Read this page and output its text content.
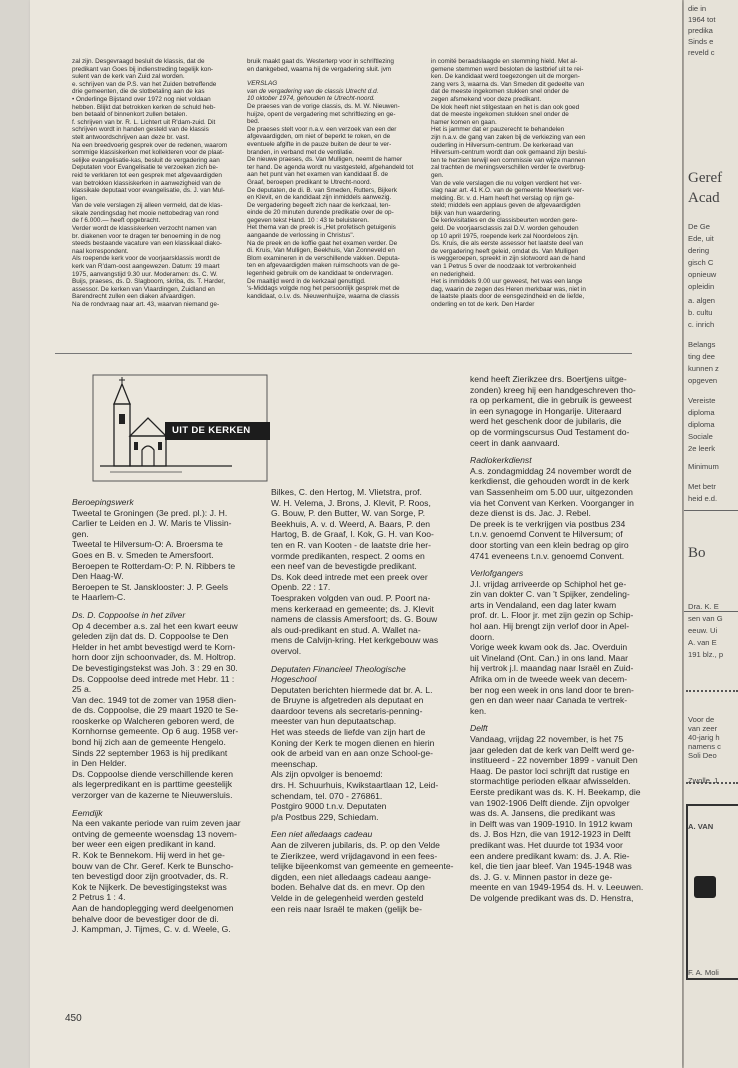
zal zijn. Desgevraagd besluit de klassis, dat de
predikant van Goes bij indienstreding tegelijk kon-
sulent van de kerk van Zuid zal worden.

e. schrijven van de P.S. van het Zuiden betreffende
drie gemeenten, die de slotbetaling aan de kas
• Onderlinge Bijstand over 1972 nog niet voldaan
hebben. Blijkt dat betrokken kerken de schuld heb-
ben betaald of binnenkort zullen betalen.

f. schrijven van br. R. L. Lichtert uit R'dam-zuid. Dit
schrijven wordt in handen gesteld van de klassis
stelt antwoordschrijven aan deze br. vast.

Na een breedvoerig gesprek over de redenen, waarom
sommige klassiskerken met kollekteren voor de plaat-
selijke evangelisatie-kas, besluit de vergadering aan
Deputaten voor Evangelisatie te verzoeken zich be-
reid te verklaren tot een gesprek met afgevaardigden
van betrokken klassiskerken in aanwezigheid van de
klassikale deputaat voor evangelisatie, ds. J. van Mul-
ligen.

Van de vele verslagen zij alleen vermeld, dat de klas-
sikale zendingsdag het mooie nettobedrag van rond
de f 6.000.— heeft opgebracht.

Verder wordt de klassiskerken verzocht namen van
br. diakenen voor te dragen ter benoeming in de nog
steeds bestaande vacature van een klassikaal diako-
naal korrespondent.

Als roepende kerk voor de voorjaarsklassis wordt de
kerk van R'dam-oost aangewezen. Datum: 19 maart
1975, aanvangstijd 9.30 uur. Moderamen: ds. C. W.
Buijs, praeses, ds. D. Slagboom, skriba, ds. T. Harder,
assessor. De kerken van Vlaardingen, Zuidland en
Barendrecht zullen een diaken afvaardigen.

Na de rondvraag naar art. 43, waarvan niemand ge-

bruik maakt gaat ds. Westerterp voor in schriftlezing
en dankgebed, waarna hij de vergadering sluit. jvm

VERSLAG

van de vergadering van de classis Utrecht d.d.
10 oktober 1974, gehouden te Utrecht-noord.

De praeses van de vorige classis, ds. M. W. Nieuwen-
huijze, opent de vergadering met schriftlezing en ge-
bed.

De praeses stelt voor n.a.v. een verzoek van een der
afgevaardigden, om niet of beperkt te roken, en de
eventuele afgifte in de pauze buiten de deur te ver-
branden, in verband met de ventilatie.

De nieuwe praeses, ds. Van Mulligen, neemt de hamer
ter hand. De agenda wordt nu vastgesteld, afgehandeld tot
aan het punt van het examen van kandidaat B. de
Graaf, beroepen predikant te Utrecht-noord.

De deputaten, de di. B. van Smeden, Rutters, Bijkerk
en Klevit, en de kandidaat zijn inmiddels aanwezig.
De vergadering begeeft zich naar de kerkzaal, ten-
einde de 20 minuten durende predikatie over de op-
gegeven tekst Hand. 10 : 43 te beluisteren.

Het thema van de preek is „Het profetisch getuigenis
aangaande de verlossing in Christus".

Na de preek en de koffie gaat het examen verder. De
di. Kruis, Van Mulligen, Beekhuis, Van Zonneveld en
Blom examineren in de verschillende vakken. Deputa-
ten en afgevaardigden maken ruimschoots van de ge-
legenheid gebruik om de kandidaat te ondervragen.

De maaltijd werd in de kerkzaal genuttigd.
's-Middags volgde nog het persoonlijk gesprek met de
kandidaat, o.l.v. ds. Nieuwenhuijze, waarna de classis

in comité beraadslaagde en stemming hield. Met al-
gemene stemmen werd besloten de lastbrief uit te rei-
ken. De kandidaat werd toegezongen uit de morgen-
zang vers 3, waarna ds. Van Smeden dit gedeelte van
dat de meeste ingekomen stukken snel onder de
zegen afsmekend voor deze predikant.

De klok heeft niet stilgestaan en het is dan ook goed
dat de meeste ingekomen stukken snel onder de
hamer komen en gaan.

Het is jammer dat er pauzerecht te behandelen
zijn n.a.v. de gang van zaken bij de verkiezing van een
ouderling in Hilversum-centrum. De kerkeraad van
Hilversum-centrum wordt dan ook gemaand zijn beslui-
ten te herzien terwijl een commissie van wijze mannen
zal trachten de meningsverschillen verder te overbrug-
gen.

Van de vele verslagen die nu volgen verdient het ver-
slag naar art. 41 K.O. van de gemeente Meerkerk ver-
melding. Br. v. d. Ham heeft het verslag op rijm ge-
steld; middels een applaus geven de afgevaardigden
blijk van hun waardering.

De kerkvisitaties en de classisbeurten worden gere-
geld. De voorjaarsclassis zal D.V. worden gehouden
op 10 april 1975, roepende kerk zal Noordeloos zijn.
Ds. Kruis, die als eerste assessor het laatste deel van
de vergadering heeft geleid, omdat ds. Van Mulligen
is weggeroepen, spreekt in zijn slotwoord aan de hand
van 1 Petrus 5 over de noodzaak tot verbrokenheid
en nederigheid.

Het is inmiddels 9.00 uur geweest, het was een lange
dag, waarin de zegen des Heren merkbaar was, niet in
de laatste plaats door de eensgezindheid en de liefde,
onderling en tot de kerk. Den Harder

UIT DE KERKEN

Beroepingswerk

Tweetal te Groningen (3e pred. pl.): J. H.
Carlier te Leiden en J. W. Maris te Vlissin-
gen.

Tweetal te Hilversum-O: A. Broersma te
Goes en B. v. Smeden te Amersfoort.

Beroepen te Rotterdam-O: P. N. Ribbers te
Den Haag-W.

Beroepen te St. Jansklooster: J. P. Geels
te Haarlem-C.

Ds. D. Coppoolse in het zilver

Op 4 december a.s. zal het een kwart eeuw
geleden zijn dat ds. D. Coppoolse te Den
Helder in het ambt bevestigd werd te Korn-
horn door zijn schoonvader, ds. M. Holtrop.
De bevestigingstekst was Joh. 3 : 29 en 30.
Ds. Coppoolse deed intrede met Hebr. 11 :
25 a.

Van dec. 1949 tot de zomer van 1958 dien-
de ds. Coppoolse, die 29 maart 1920 te Se-
rooskerke op Walcheren geboren werd, de
Kornhornse gemeente. Op 6 aug. 1958 ver-
bond hij zich aan de gemeente Hengelo.
Sinds 22 september 1963 is hij predikant
in Den Helder.

Ds. Coppoolse diende verschillende keren
als legerpredikant en is parttime geestelijk
verzorger van de kazerne te Nieuwersluis.

Eemdijk

Na een vakante periode van ruim zeven jaar
ontving de gemeente woensdag 13 novem-
ber weer een eigen predikant in kand.
R. Kok te Bennekom. Hij werd in het ge-
bouw van de Chr. Geref. Kerk te Bunscho-
ten bevestigd door zijn grootvader, ds. R.
Kok te Nijkerk. De bevestigingstekst was
2 Petrus 1 : 4.

Aan de handoplegging werd deelgenomen
behalve door de bevestiger door de di.
J. Kampman, J. Tijmes, C. v. d. Weele, G.

Bilkes, C. den Hertog, M. Vlietstra, prof.
W. H. Velema, J. Brons, J. Klevit, P. Roos,
G. Bouw, P. den Butter, W. van Sorge, P.
Beekhuis, A. v. d. Weerd, A. Baars, P. den
Hartog, B. de Graaf, I. Kok, G. H. van Koo-
ten en R. van Kooten - de laatste drie her-
vormde predikanten, respect. 2 ooms en
een neef van de bevestigde predikant.

Ds. Kok deed intrede met een preek over
Openb. 22 : 17.

Toespraken volgden van oud. P. Poort na-
mens kerkeraad en gemeente; ds. J. Klevit
namens de classis Amersfoort; ds. G. Bouw
als oud-predikant en stud. A. Wallet na-
mens de Calvijn-kring. Het kerkgebouw was
overvol.

Deputaten Financieel Theologische
Hogeschool

Deputaten berichten hiermede dat br. A. L.
de Bruyne is afgetreden als deputaat en
daardoor tevens als secretaris-penning-
meester van hun deputaatschap.

Het was steeds de liefde van zijn hart de
Koning der Kerk te mogen dienen en hierin
ook de arbeid van en aan onze School-ge-
meenschap.

Als zijn opvolger is benoemd:
drs. H. Schuurhuis, Kwikstaartlaan 12, Leid-
schendam, tel. 070 - 276861.
Postgiro 9000 t.n.v. Deputaten
p/a Postbus 229, Schiedam.

Een niet alledaags cadeau

Aan de zilveren jubilaris, ds. P. op den Velde
te Zierikzee, werd vrijdagavond in een fees-
telijke bijeenkomst van gemeente en gemeente-
digden, een niet alledaags cadeau aange-
boden. Behalve dat ds. en mevr. Op den
Velde in de gelegenheid werden gesteld
een reis naar Israël te maken (gelijk be-

kend heeft Zierikzee drs. Boertjens uitge-
zonden) kreeg hij een handgeschreven tho-
ra op perkament, die in gebruik is geweest
in een synagoge in Hongarije. Uiteraard
werd het geschenk door de jubilaris, die
op de vormingscursus Oud Testament do-
ceert in dank aanvaard.

Radiokerkdienst

A.s. zondagmiddag 24 november wordt de
kerkdienst, die gehouden wordt in de kerk
van Sassenheim om 5.00 uur, uitgezonden
via het Convent van Kerken. Voorganger in
deze dienst is ds. Jac. J. Rebel.

De preek is te verkrijgen via postbus 234
t.n.v. genoemd Convent te Hilversum; of
door storting van een klein bedrag op giro
4741 eveneens t.n.v. genoemd Convent.

Verlofgangers

J.l. vrijdag arriveerde op Schiphol het ge-
zin van dokter C. van 't Spijker, zendeling-
arts in Vendaland, een dag later kwam
prof. dr. L. Floor jr. met zijn gezin op Schip-
hol aan. Hij brengt zijn verlof door in Apel-
doorn.

Vorige week kwam ook ds. Jac. Overduin
uit Vineland (Ont. Can.) in ons land. Maar
hij vertrok j.l. maandag naar Israël en Zuid-
Afrika om in de tweede week van decem-
ber nog een week in ons land door te bren-
gen en dan weer naar Canada te vertrek-
ken.

Delft

Vandaag, vrijdag 22 november, is het 75
jaar geleden dat de kerk van Delft werd ge-
institueerd - 22 november 1899 - vanuit Den
Haag. De pastor loci schrijft dat rustige en
stormachtige perioden elkaar afwisselden.
Eerste predikant was ds. K. H. Beekamp, die
van 1902-1906 Delft diende. Zijn opvolger
was ds. A. Jansens, die predikant was
in Delft was van 1909-1910. In 1912 kwam
ds. J. Bos Hzn, die van 1912-1923 in Delft
predikant was. Het duurde tot 1934 voor
een andere predikant kwam: ds. J. A. Rie-
kel, die tien jaar bleef. Van 1945-1948 was
ds. J. G. v. Minnen pastor in deze ge-
meente en van 1949-1954 ds. H. v. Leeuwen.
De volgende predikant was ds. D. Henstra,

450
die in
1964 tot
predika
Sinds e
reveld c
Geref
Acad
De Ge
Ede, uit
dering
gisch C
opnieuw
opleidin
a. algen
b. cultu
c. inrich
Belangs
ting dee
kunnen z
opgeven
Vereiste
diploma
diploma
Sociale
2e leerk
Minimum
Met betr
heid e.d.
Bo
Dra. K. E
sen van G
eeuw. Ui
A. van E
191 blz., p
Voor de
van zeer
40-jarig h
namens c
Soli Deo
Zwolle, 1
A. VAN
F. A. Moli
